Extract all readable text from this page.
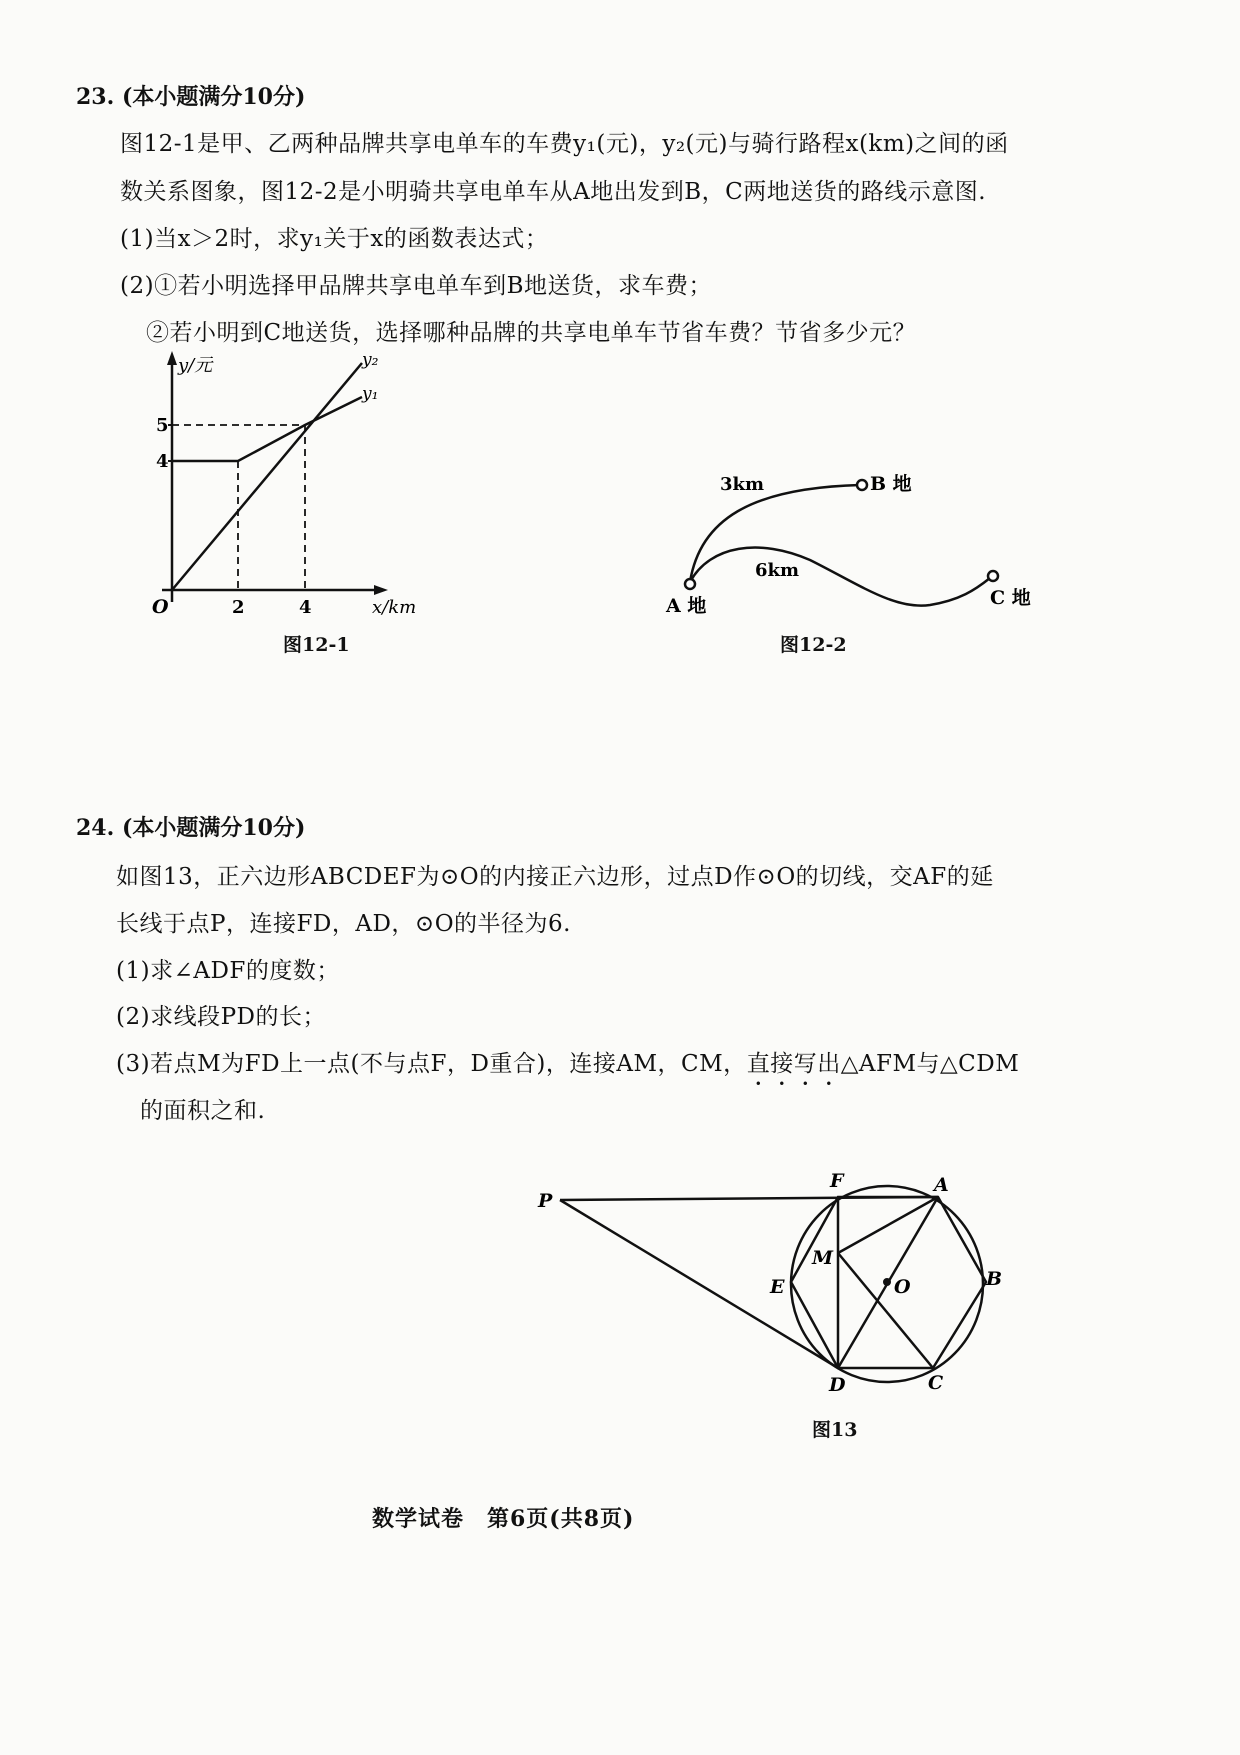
23. (本小题满分10分)
图12-1是甲、乙两种品牌共享电单车的车费y₁(元)，y₂(元)与骑行路程x(km)之间的函
数关系图象，图12-2是小明骑共享电单车从A地出发到B，C两地送货的路线示意图.
(1)当x＞2时，求y₁关于x的函数表达式；
(2)①若小明选择甲品牌共享电单车到B地送货，求车费；
②若小明到C地送货，选择哪种品牌的共享电单车节省车费？节省多少元？
y/元
x/km
O	2	4
4
5
y₂
y₁
图12-1
3km
6km
B 地
A 地	C 地
图12-2
24. (本小题满分10分)
如图13，正六边形ABCDEF为⊙O的内接正六边形，过点D作⊙O的切线，交AF的延
长线于点P，连接FD，AD，⊙O的半径为6.
(1)求∠ADF的度数；
(2)求线段PD的长；
(3)若点M为FD上一点(不与点F，D重合)，连接AM，CM，直接写出△AFM与△CDM
的面积之和.
P
F	A
E	B
D	C
M
O
图13
数学试卷　第6页(共8页)
